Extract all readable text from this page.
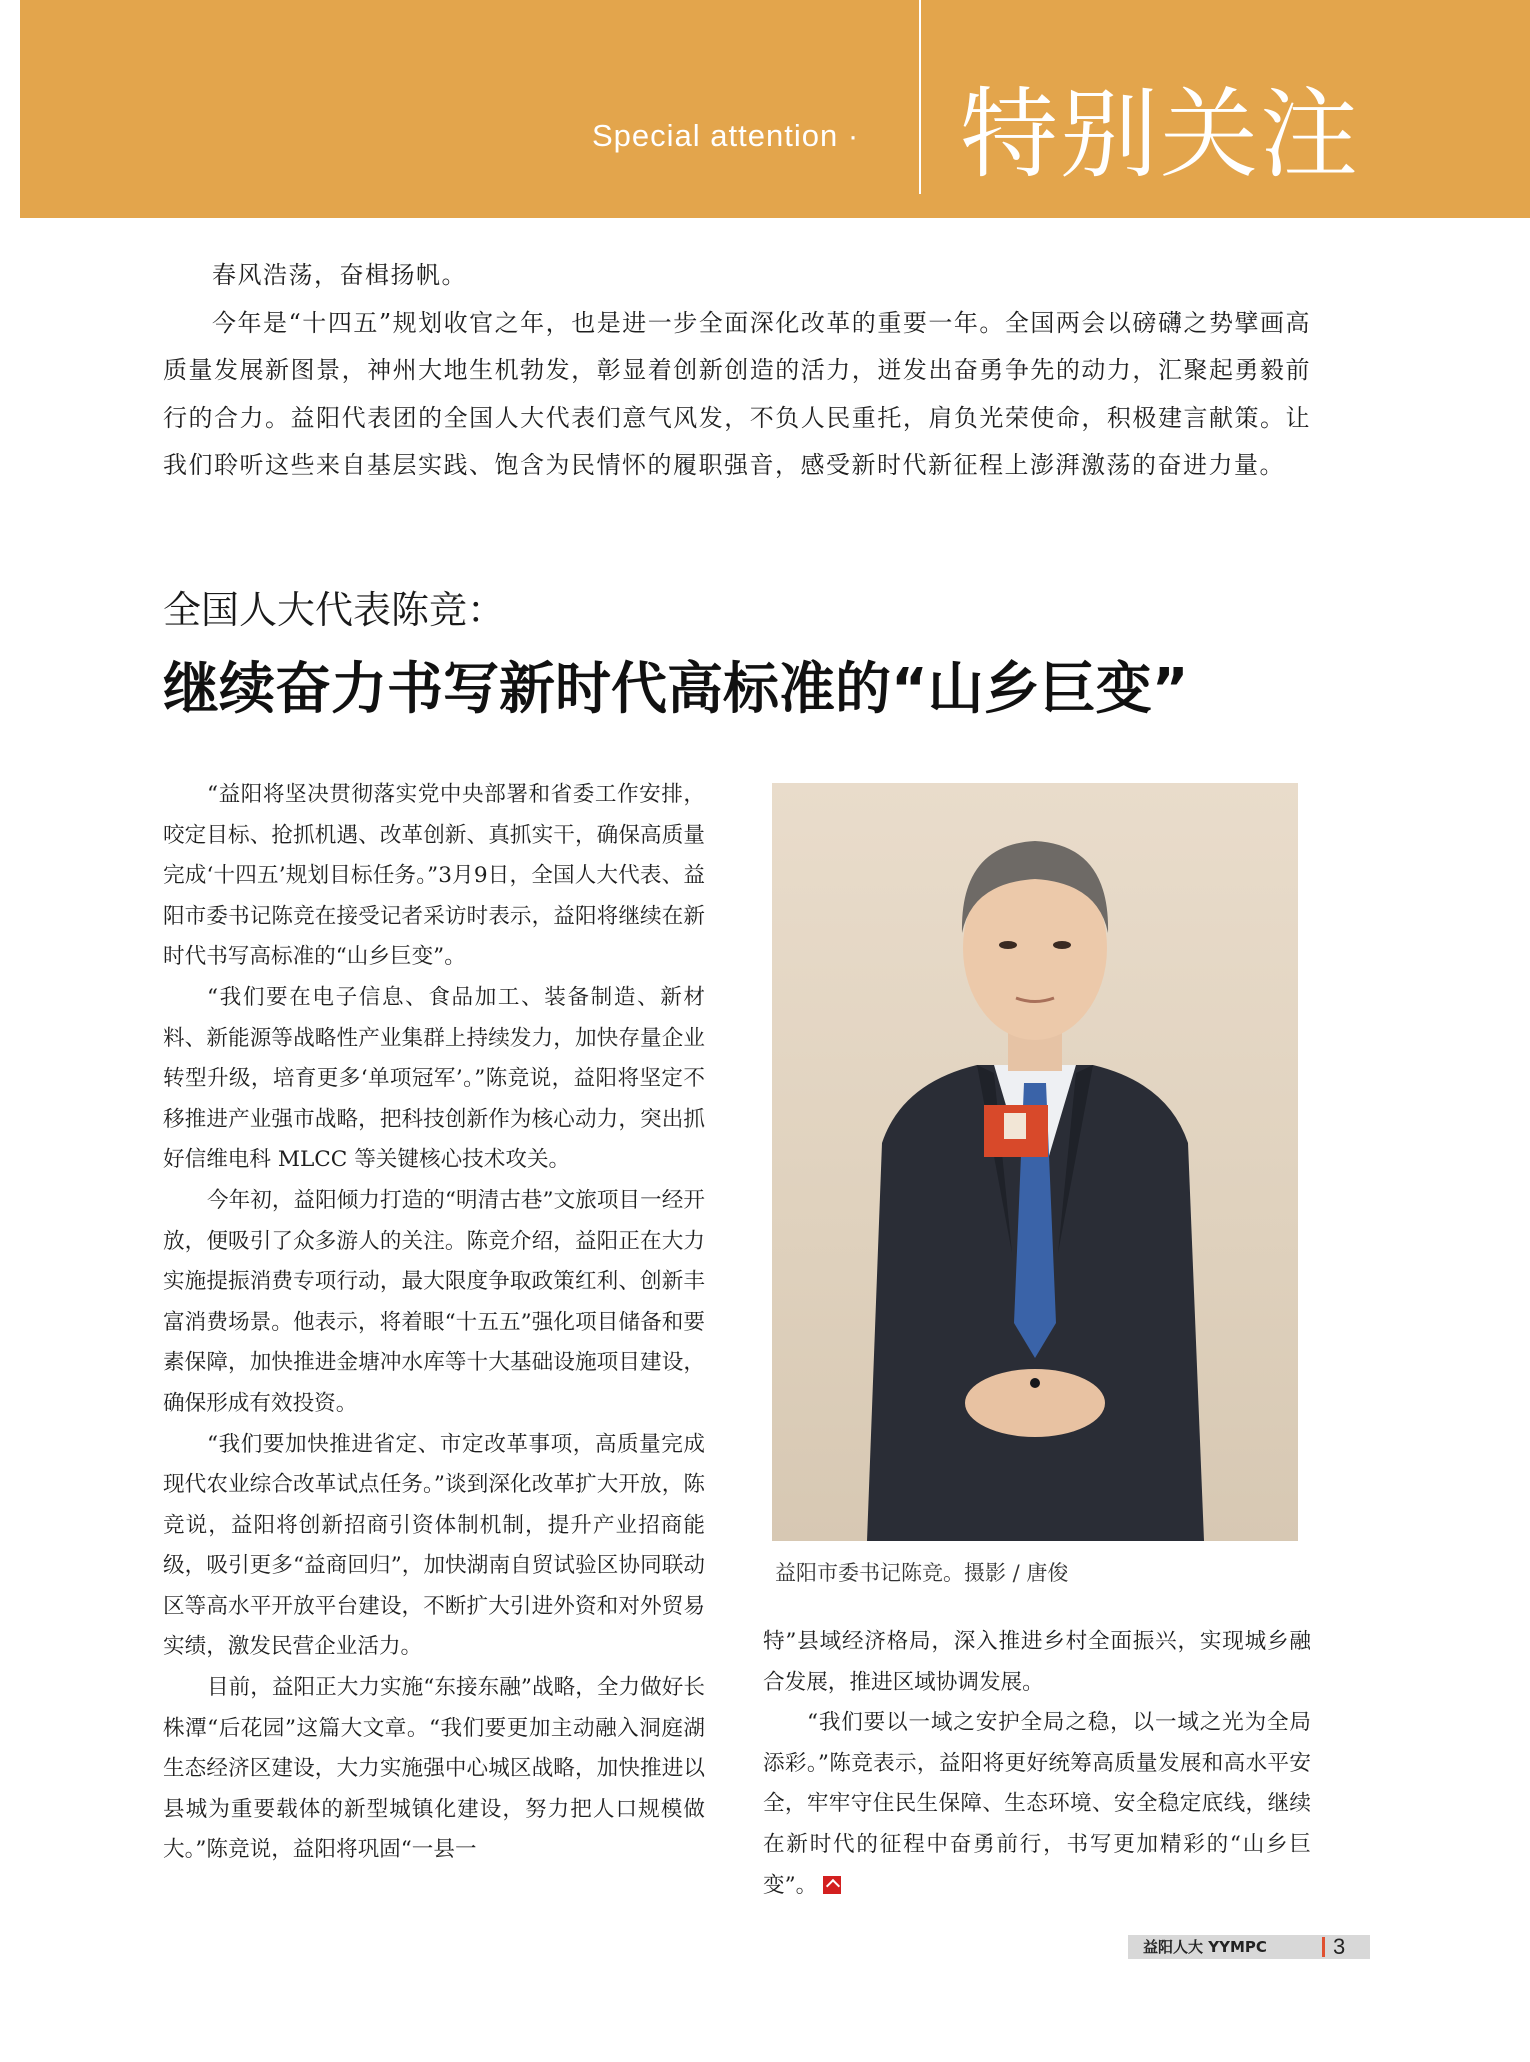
Special attention ·	特别关注

春风浩荡，奋楫扬帆。

今年是“十四五”规划收官之年，也是进一步全面深化改革的重要一年。全国两会以磅礴之势擘画高质量发展新图景，神州大地生机勃发，彰显着创新创造的活力，迸发出奋勇争先的动力，汇聚起勇毅前行的合力。益阳代表团的全国人大代表们意气风发，不负人民重托，肩负光荣使命，积极建言献策。让我们聆听这些来自基层实践、饱含为民情怀的履职强音，感受新时代新征程上澎湃激荡的奋进力量。

全国人大代表陈竞：
继续奋力书写新时代高标准的“山乡巨变”

“益阳将坚决贯彻落实党中央部署和省委工作安排，咬定目标、抢抓机遇、改革创新、真抓实干，确保高质量完成‘十四五’规划目标任务。”3月9日，全国人大代表、益阳市委书记陈竞在接受记者采访时表示，益阳将继续在新时代书写高标准的“山乡巨变”。

“我们要在电子信息、食品加工、装备制造、新材料、新能源等战略性产业集群上持续发力，加快存量企业转型升级，培育更多‘单项冠军’。”陈竞说，益阳将坚定不移推进产业强市战略，把科技创新作为核心动力，突出抓好信维电科 MLCC 等关键核心技术攻关。

今年初，益阳倾力打造的“明清古巷”文旅项目一经开放，便吸引了众多游人的关注。陈竞介绍，益阳正在大力实施提振消费专项行动，最大限度争取政策红利、创新丰富消费场景。他表示，将着眼“十五五”强化项目储备和要素保障，加快推进金塘冲水库等十大基础设施项目建设，确保形成有效投资。

“我们要加快推进省定、市定改革事项，高质量完成现代农业综合改革试点任务。”谈到深化改革扩大开放，陈竞说，益阳将创新招商引资体制机制，提升产业招商能级，吸引更多“益商回归”，加快湖南自贸试验区协同联动区等高水平开放平台建设，不断扩大引进外资和对外贸易实绩，激发民营企业活力。

目前，益阳正大力实施“东接东融”战略，全力做好长株潭“后花园”这篇大文章。“我们要更加主动融入洞庭湖生态经济区建设，大力实施强中心城区战略，加快推进以县城为重要载体的新型城镇化建设，努力把人口规模做大。”陈竞说，益阳将巩固“一县一

益阳市委书记陈竞。摄影 / 唐俊

特”县域经济格局，深入推进乡村全面振兴，实现城乡融合发展，推进区域协调发展。

“我们要以一域之安护全局之稳，以一域之光为全局添彩。”陈竞表示，益阳将更好统筹高质量发展和高水平安全，牢牢守住民生保障、生态环境、安全稳定底线，继续在新时代的征程中奋勇前行，书写更加精彩的“山乡巨变”。

益阳人大 YYMPC	3
